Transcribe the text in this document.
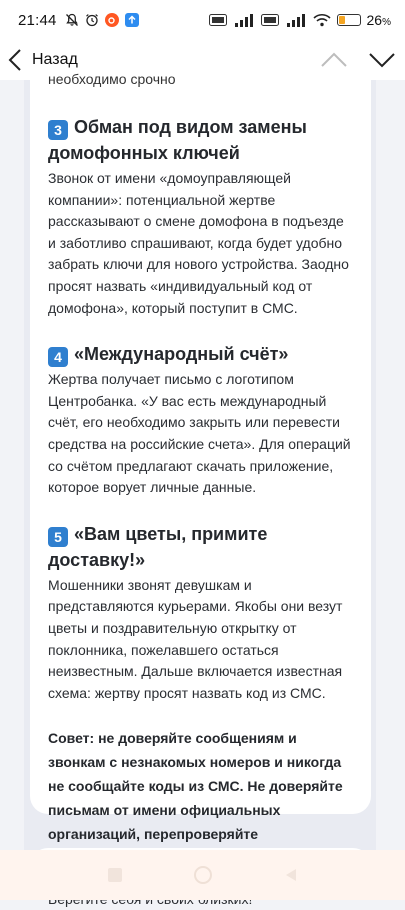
21:44	26%
Назад
необходимо срочно
3 Обман под видом замены домофонных ключей

Звонок от имени «домоуправляющей компании»: потенциальной жертве рассказывают о смене домофона в подъезде и заботливо спрашивают, когда будет удобно забрать ключи для нового устройства. Заодно просят назвать «индивидуальный код от домофона», который поступит в СМС.

4 «Международный счёт»

Жертва получает письмо с логотипом Центробанка. «У вас есть международный счёт, его необходимо закрыть или перевести средства на российские счета». Для операций со счётом предлагают скачать приложение, которое ворует личные данные.

5 «Вам цветы, примите доставку!»

Мошенники звонят девушкам и представляются курьерами. Якобы они везут цветы и поздравительную открытку от поклонника, пожелавшего остаться неизвестным. Дальше включается известная схема: жертву просят назвать код из СМС.

Совет: не доверяйте сообщениям и звонкам с незнакомых номеров и никогда не сообщайте коды из СМС. Не доверяйте письмам от имени официальных организаций, перепроверяйте
